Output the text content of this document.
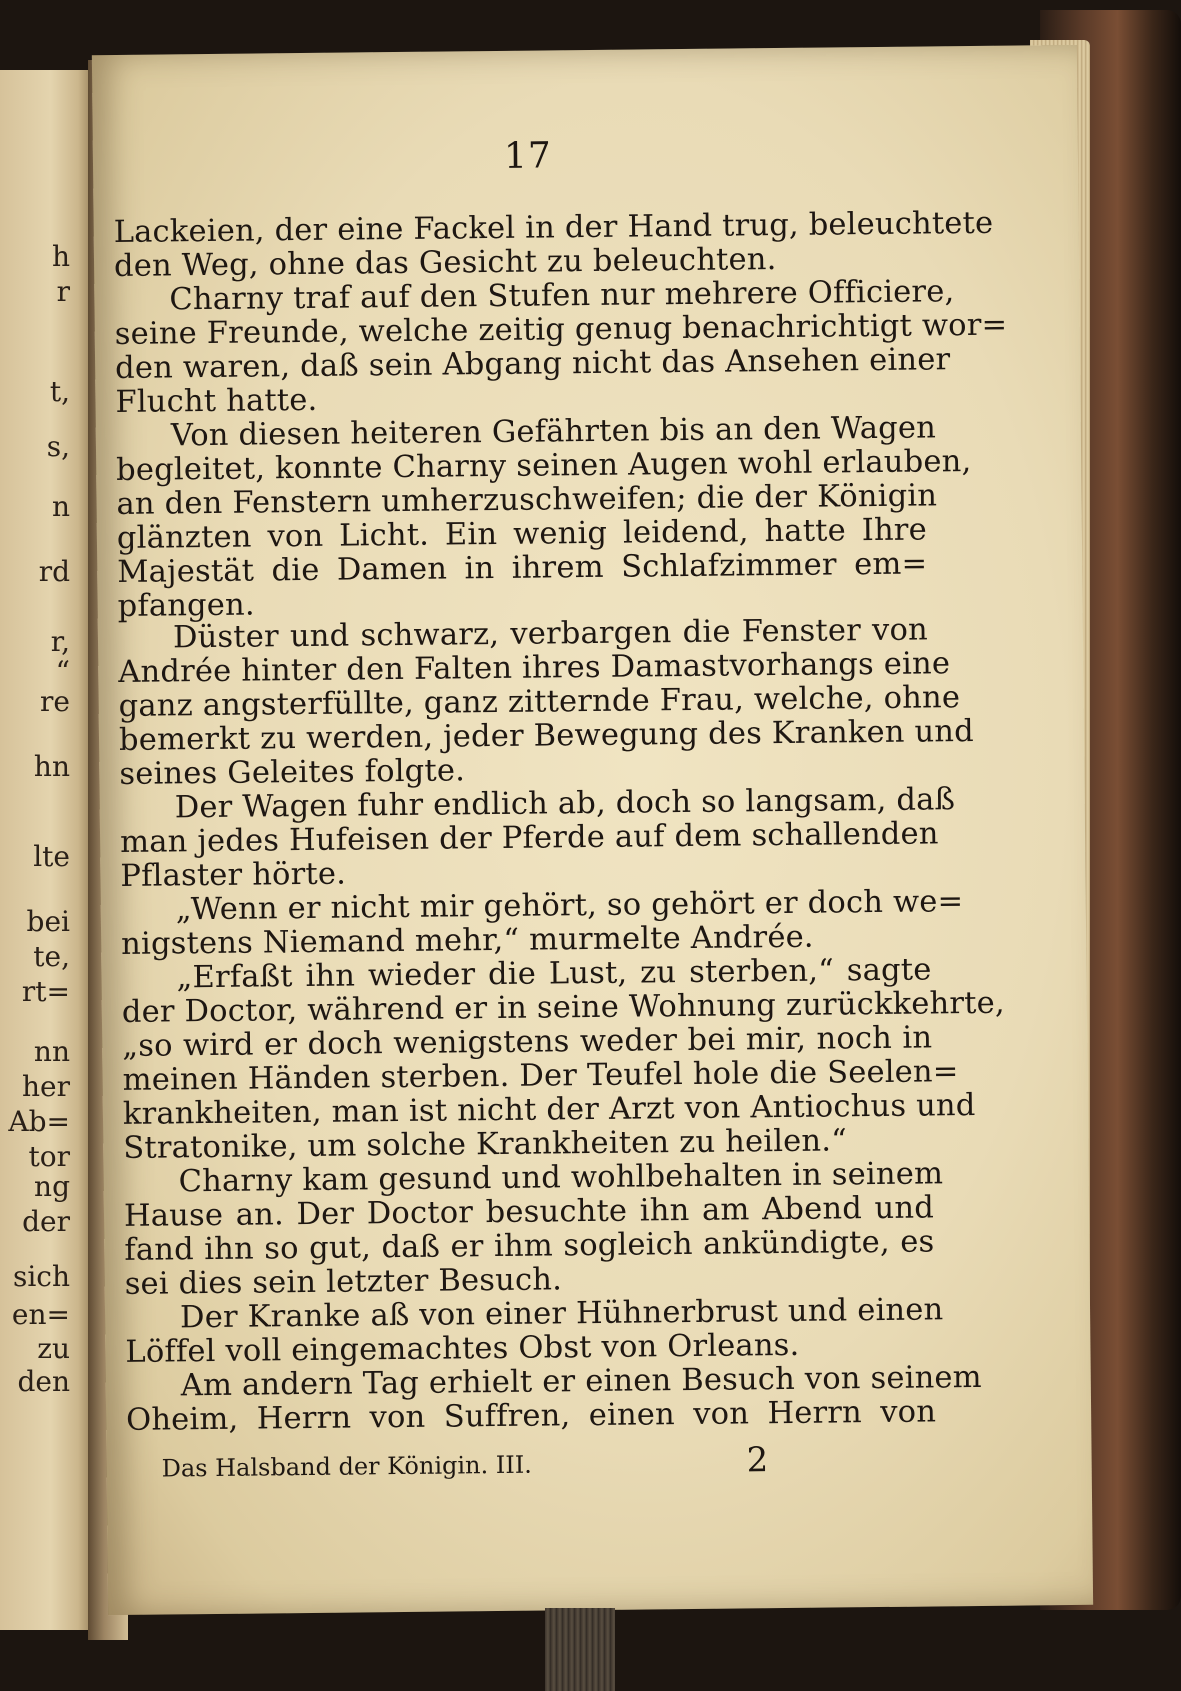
h
r
t,
s,
n
rd
r,
“
re
hn
lte
bei
te,
rt=
nn
her
Ab=
tor
ng
der
sich
en=
zu
den
17
Lackeien, der eine Fackel in der Hand trug, beleuchtete
den Weg, ohne das Gesicht zu beleuchten.
Charny traf auf den Stufen nur mehrere Officiere,
seine Freunde, welche zeitig genug benachrichtigt wor=
den waren, daß sein Abgang nicht das Ansehen einer
Flucht hatte.
Von diesen heiteren Gefährten bis an den Wagen
begleitet, konnte Charny seinen Augen wohl erlauben,
an den Fenstern umherzuschweifen; die der Königin
glänzten von Licht. Ein wenig leidend, hatte Ihre
Majestät die Damen in ihrem Schlafzimmer em=
pfangen.
Düster und schwarz, verbargen die Fenster von
Andrée hinter den Falten ihres Damastvorhangs eine
ganz angsterfüllte, ganz zitternde Frau, welche, ohne
bemerkt zu werden, jeder Bewegung des Kranken und
seines Geleites folgte.
Der Wagen fuhr endlich ab, doch so langsam, daß
man jedes Hufeisen der Pferde auf dem schallenden
Pflaster hörte.
„Wenn er nicht mir gehört, so gehört er doch we=
nigstens Niemand mehr,“ murmelte Andrée.
„Erfaßt ihn wieder die Lust, zu sterben,“ sagte
der Doctor, während er in seine Wohnung zurückkehrte,
„so wird er doch wenigstens weder bei mir, noch in
meinen Händen sterben. Der Teufel hole die Seelen=
krankheiten, man ist nicht der Arzt von Antiochus und
Stratonike, um solche Krankheiten zu heilen.“
Charny kam gesund und wohlbehalten in seinem
Hause an. Der Doctor besuchte ihn am Abend und
fand ihn so gut, daß er ihm sogleich ankündigte, es
sei dies sein letzter Besuch.
Der Kranke aß von einer Hühnerbrust und einen
Löffel voll eingemachtes Obst von Orleans.
Am andern Tag erhielt er einen Besuch von seinem
Oheim, Herrn von Suffren, einen von Herrn von
Das Halsband der Königin. III.	2
